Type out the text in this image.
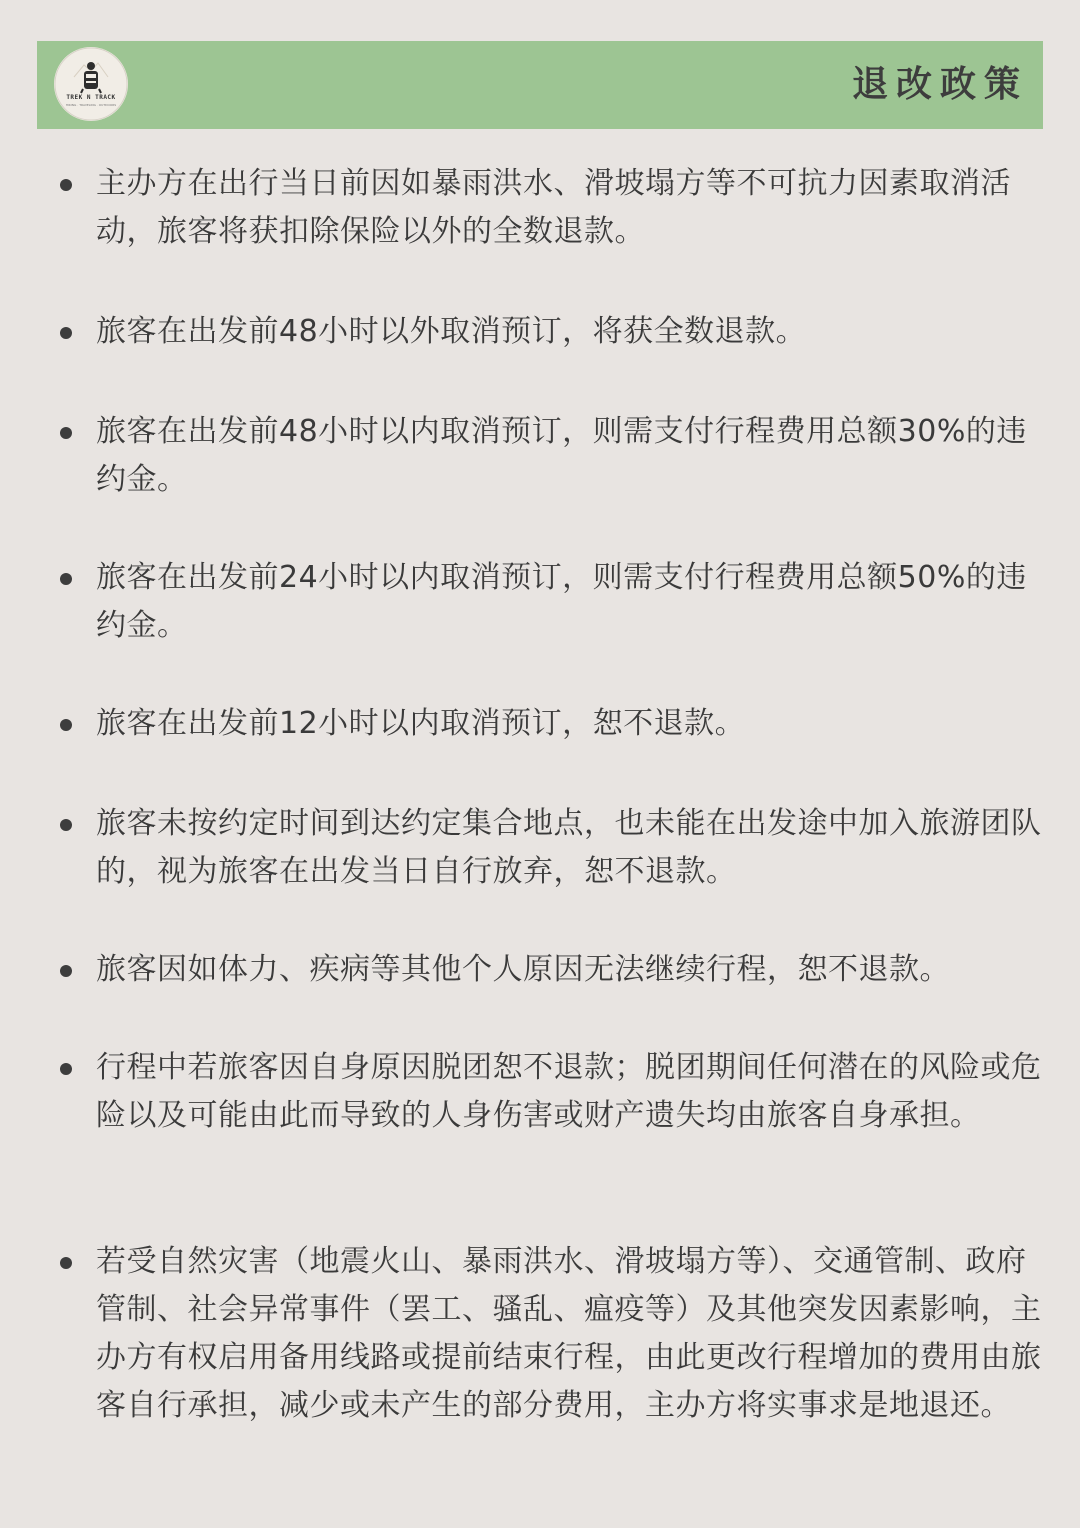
TREK N TRACK
HIKING · TRAVELING · OUTDOORS	退改政策
主办方在出行当日前因如暴雨洪水、滑坡塌方等不可抗力因素取消活动，旅客将获扣除保险以外的全数退款。
旅客在出发前48小时以外取消预订，将获全数退款。
旅客在出发前48小时以内取消预订，则需支付行程费用总额30%的违约金。
旅客在出发前24小时以内取消预订，则需支付行程费用总额50%的违约金。
旅客在出发前12小时以内取消预订，恕不退款。
旅客未按约定时间到达约定集合地点，也未能在出发途中加入旅游团队的，视为旅客在出发当日自行放弃，恕不退款。
旅客因如体力、疾病等其他个人原因无法继续行程，恕不退款。
行程中若旅客因自身原因脱团恕不退款；脱团期间任何潜在的风险或危险以及可能由此而导致的人身伤害或财产遗失均由旅客自身承担。
若受自然灾害（地震火山、暴雨洪水、滑坡塌方等）、交通管制、政府管制、社会异常事件（罢工、骚乱、瘟疫等）及其他突发因素影响，主办方有权启用备用线路或提前结束行程，由此更改行程增加的费用由旅客自行承担，减少或未产生的部分费用，主办方将实事求是地退还。
